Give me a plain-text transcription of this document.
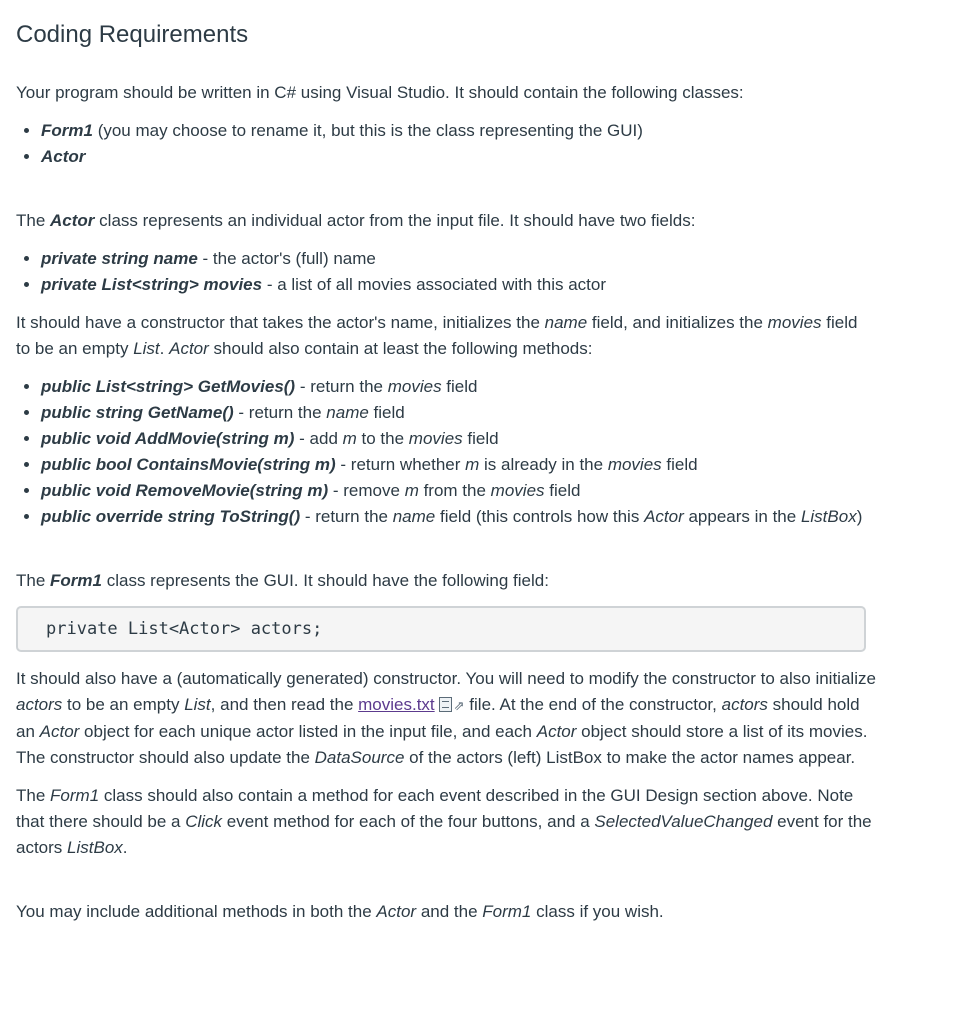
Coding Requirements

Your program should be written in C# using Visual Studio. It should contain the following classes:

• Form1 (you may choose to rename it, but this is the class representing the GUI)
• Actor

The Actor class represents an individual actor from the input file. It should have two fields:

• private string name - the actor's (full) name
• private List<string> movies - a list of all movies associated with this actor

It should have a constructor that takes the actor's name, initializes the name field, and initializes the movies field to be an empty List. Actor should also contain at least the following methods:

• public List<string> GetMovies() - return the movies field
• public string GetName() - return the name field
• public void AddMovie(string m) - add m to the movies field
• public bool ContainsMovie(string m) - return whether m is already in the movies field
• public void RemoveMovie(string m) - remove m from the movies field
• public override string ToString() - return the name field (this controls how this Actor appears in the ListBox)

The Form1 class represents the GUI. It should have the following field:

private List<Actor> actors;

It should also have a (automatically generated) constructor. You will need to modify the constructor to also initialize actors to be an empty List, and then read the movies.txt ⇗ file. At the end of the constructor, actors should hold an Actor object for each unique actor listed in the input file, and each Actor object should store a list of its movies. The constructor should also update the DataSource of the actors (left) ListBox to make the actor names appear.

The Form1 class should also contain a method for each event described in the GUI Design section above. Note that there should be a Click event method for each of the four buttons, and a SelectedValueChanged event for the actors ListBox.

You may include additional methods in both the Actor and the Form1 class if you wish.
